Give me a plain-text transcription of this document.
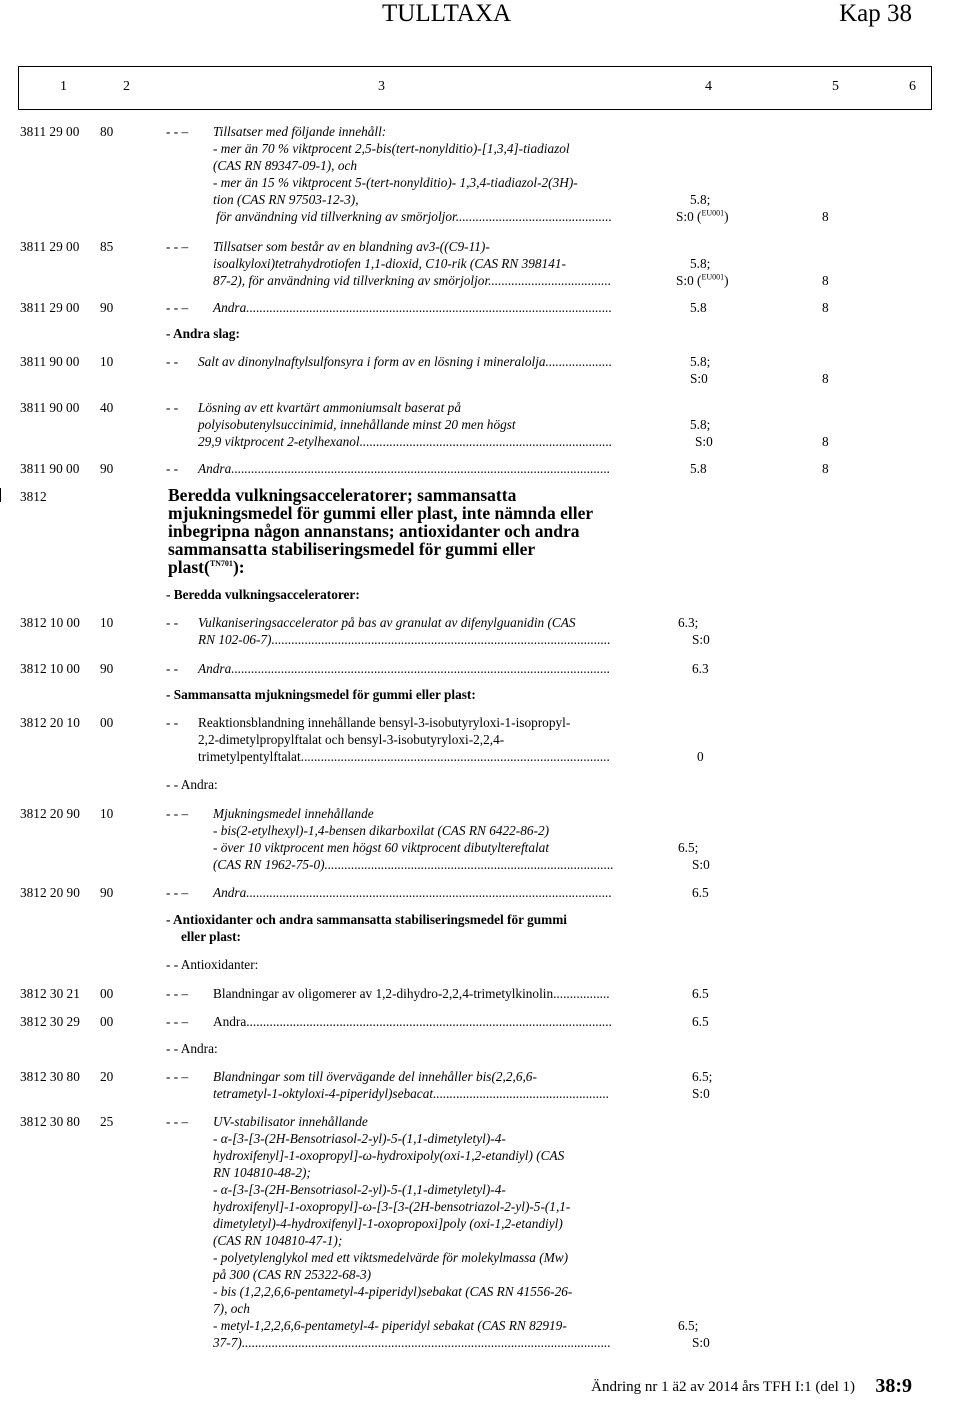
TULLTAXA	Kap 38
1	2	3	4	5	6
3811 29 00 80	- - – Tillsatser med följande innehåll:
- mer än 70 % viktprocent 2,5-bis(tert-nonylditio)-[1,3,4]-tiadiazol
(CAS RN 89347-09-1), och
- mer än 15 % viktprocent 5-(tert-nonylditio)- 1,3,4-tiadiazol-2(3H)-
tion (CAS RN 97503-12-3),
för användning vid tillverkning av smörjoljor...............................................
5.8;
S:0 ($^{EU001}$)	8
3811 29 00 85	- - – Tillsatser som består av en blandning av3-((C9-11)-
isoalkyloxi)tetrahydrotiofen 1,1-dioxid, C10-rik (CAS RN 398141-
87-2), för användning vid tillverkning av smörjoljor.....................................
5.8;
S:0 ($^{EU001}$)	8
3811 29 00 90	- - – Andra..............................................................................................................	5.8	8
- Andra slag:
3811 90 00 10	- - Salt av dinonylnaftylsulfonsyra i form av en lösning i mineralolja....................	5.8;
S:0	8
3811 90 00 40	- - Lösning av ett kvartärt ammoniumsalt baserat på
polyisobutenylsuccinimid, innehållande minst 20 men högst
29,9 viktprocent 2-etylhexanol............................................................................
5.8;
S:0	8
3811 90 00 90	- - Andra..................................................................................................................	5.8	8
3812	Beredda vulkningsacceleratorer; sammansatta
mjukningsmedel för gummi eller plast, inte nämnda eller
inbegripna någon annanstans; antioxidanter och andra
sammansatta stabiliseringsmedel för gummi eller
plast($^{TN701}$):
- Beredda vulkningsacceleratorer:
3812 10 00 10	- - Vulkaniseringsaccelerator på bas av granulat av difenylguanidin (CAS
RN 102-06-7)......................................................................................................
6.3;
S:0
3812 10 00 90	- - Andra..................................................................................................................	6.3
- Sammansatta mjukningsmedel för gummi eller plast:
3812 20 10 00	- - Reaktionsblandning innehållande bensyl-3-isobutyryloxi-1-isopropyl-
2,2-dimetylpropylftalat och bensyl-3-isobutyryloxi-2,2,4-
trimetylpentylftalat.............................................................................................	0
- - Andra:
3812 20 90 10	- - – Mjukningsmedel innehållande
- bis(2-etylhexyl)-1,4-bensen dikarboxilat (CAS RN 6422-86-2)
- över 10 viktprocent men högst 60 viktprocent dibutyltereftalat
(CAS RN 1962-75-0).......................................................................................
6.5;
S:0
3812 20 90 90	- - – Andra..............................................................................................................	6.5
- Antioxidanter och andra sammansatta stabiliseringsmedel för gummi
eller plast:
- - Antioxidanter:
3812 30 21 00	- - – Blandningar av oligomerer av 1,2-dihydro-2,2,4-trimetylkinolin.................	6.5
3812 30 29 00	- - – Andra..............................................................................................................	6.5
- - Andra:
3812 30 80 20	- - – Blandningar som till övervägande del innehåller bis(2,2,6,6-
tetrametyl-1-oktyloxi-4-piperidyl)sebacat.....................................................
6.5;
S:0
3812 30 80 25	- - – UV-stabilisator innehållande
- α-[3-[3-(2H-Bensotriasol-2-yl)-5-(1,1-dimetyletyl)-4-
hydroxifenyl]-1-oxopropyl]-ω-hydroxipoly(oxi-1,2-etandiyl) (CAS
RN 104810-48-2);
- α-[3-[3-(2H-Bensotriasol-2-yl)-5-(1,1-dimetyletyl)-4-
hydroxifenyl]-1-oxopropyl]-ω-[3-[3-(2H-bensotriazol-2-yl)-5-(1,1-
dimetyletyl)-4-hydroxifenyl]-1-oxopropoxi]poly (oxi-1,2-etandiyl)
(CAS RN 104810-47-1);
- polyetylenglykol med ett viktsmedelvärde för molekylmassa (Mw)
på 300 (CAS RN 25322-68-3)
- bis (1,2,2,6,6-pentametyl-4-piperidyl)sebakat (CAS RN 41556-26-
7), och
- metyl-1,2,2,6,6-pentametyl-4- piperidyl sebakat (CAS RN 82919-
37-7)...............................................................................................................
6.5;
S:0
Ändring nr 1 ä2 av 2014 års TFH I:1 (del 1) 38:9
